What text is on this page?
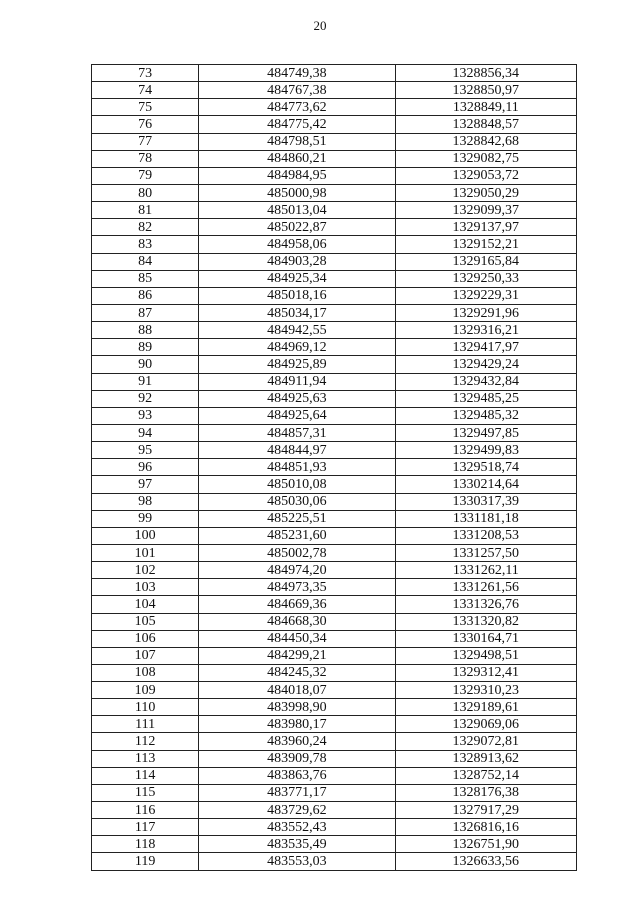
20
73	484749,38	1328856,34
74	484767,38	1328850,97
75	484773,62	1328849,11
76	484775,42	1328848,57
77	484798,51	1328842,68
78	484860,21	1329082,75
79	484984,95	1329053,72
80	485000,98	1329050,29
81	485013,04	1329099,37
82	485022,87	1329137,97
83	484958,06	1329152,21
84	484903,28	1329165,84
85	484925,34	1329250,33
86	485018,16	1329229,31
87	485034,17	1329291,96
88	484942,55	1329316,21
89	484969,12	1329417,97
90	484925,89	1329429,24
91	484911,94	1329432,84
92	484925,63	1329485,25
93	484925,64	1329485,32
94	484857,31	1329497,85
95	484844,97	1329499,83
96	484851,93	1329518,74
97	485010,08	1330214,64
98	485030,06	1330317,39
99	485225,51	1331181,18
100	485231,60	1331208,53
101	485002,78	1331257,50
102	484974,20	1331262,11
103	484973,35	1331261,56
104	484669,36	1331326,76
105	484668,30	1331320,82
106	484450,34	1330164,71
107	484299,21	1329498,51
108	484245,32	1329312,41
109	484018,07	1329310,23
110	483998,90	1329189,61
111	483980,17	1329069,06
112	483960,24	1329072,81
113	483909,78	1328913,62
114	483863,76	1328752,14
115	483771,17	1328176,38
116	483729,62	1327917,29
117	483552,43	1326816,16
118	483535,49	1326751,90
119	483553,03	1326633,56
